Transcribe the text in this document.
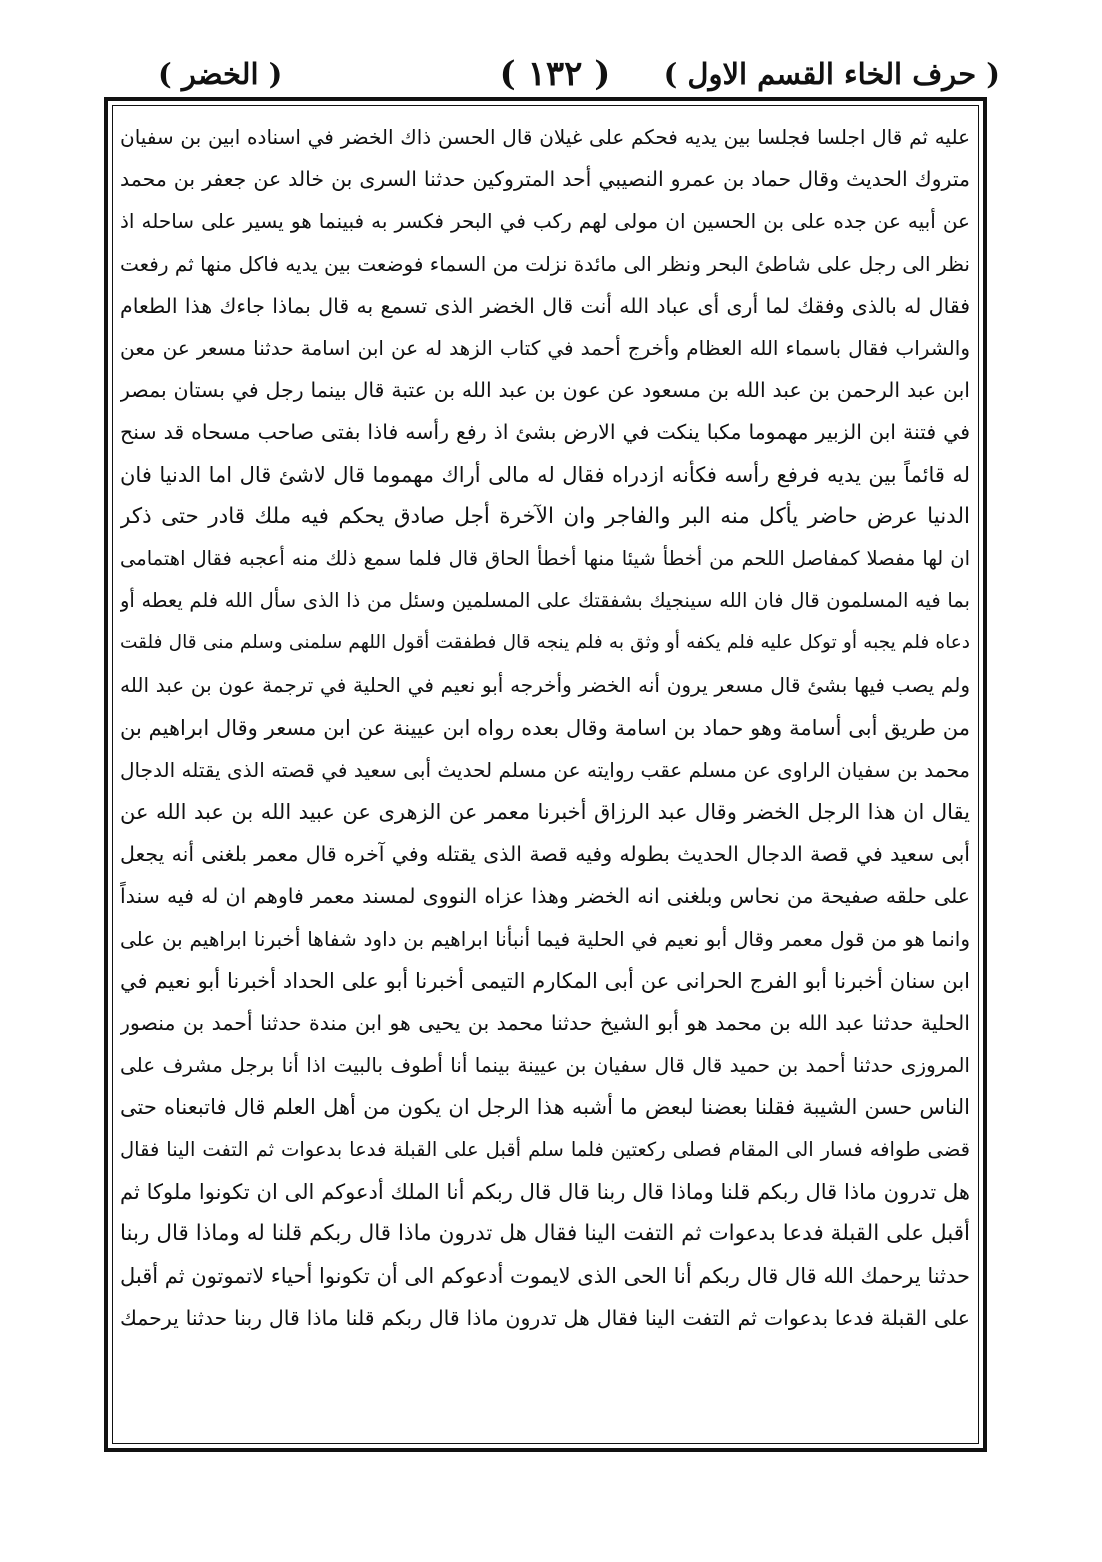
( حرف الخاء القسم الاول )
( ١٣٢ )
( الخضر )
عليه ثم قال اجلسا فجلسا بين يديه فحكم على غيلان قال الحسن ذاك الخضر في اسناده ابين بن سفيان
متروك الحديث وقال حماد بن عمرو النصيبي أحد المتروكين حدثنا السرى بن خالد عن جعفر بن محمد
عن أبيه عن جده على بن الحسين ان مولى لهم ركب في البحر فكسر به فبينما هو يسير على ساحله اذ
نظر الى رجل على شاطئ البحر ونظر الى مائدة نزلت من السماء فوضعت بين يديه فاكل منها ثم رفعت
فقال له بالذى وفقك لما أرى أى عباد الله أنت قال الخضر الذى تسمع به قال بماذا جاءك هذا الطعام
والشراب فقال باسماء الله العظام وأخرج أحمد في كتاب الزهد له عن ابن اسامة حدثنا مسعر عن معن
ابن عبد الرحمن بن عبد الله بن مسعود عن عون بن عبد الله بن عتبة قال بينما رجل في بستان بمصر
في فتنة ابن الزبير مهموما مكبا ينكت في الارض بشئ اذ رفع رأسه فاذا بفتى صاحب مسحاه قد سنح
له قائماً بين يديه فرفع رأسه فكأنه ازدراه فقال له مالى أراك مهموما قال لاشئ قال اما الدنيا فان
الدنيا عرض حاضر يأكل منه البر والفاجر وان الآخرة أجل صادق يحكم فيه ملك قادر حتى ذكر
ان لها مفصلا كمفاصل اللحم من أخطأ شيئا منها أخطأ الحاق قال فلما سمع ذلك منه أعجبه فقال اهتمامى
بما فيه المسلمون قال فان الله سينجيك بشفقتك على المسلمين وسئل من ذا الذى سأل الله فلم يعطه أو
دعاه فلم يجبه أو توكل عليه فلم يكفه أو وثق به فلم ينجه قال فطفقت أقول اللهم سلمنى وسلم منى قال فلقت
ولم يصب فيها بشئ قال مسعر يرون أنه الخضر وأخرجه أبو نعيم في الحلية في ترجمة عون بن عبد الله
من طريق أبى أسامة وهو حماد بن اسامة وقال بعده رواه ابن عيينة عن ابن مسعر وقال ابراهيم بن
محمد بن سفيان الراوى عن مسلم عقب روايته عن مسلم لحديث أبى سعيد في قصته الذى يقتله الدجال
يقال ان هذا الرجل الخضر وقال عبد الرزاق أخبرنا معمر عن الزهرى عن عبيد الله بن عبد الله عن
أبى سعيد في قصة الدجال الحديث بطوله وفيه قصة الذى يقتله وفي آخره قال معمر بلغنى أنه يجعل
على حلقه صفيحة من نحاس وبلغنى انه الخضر وهذا عزاه النووى لمسند معمر فاوهم ان له فيه سنداً
وانما هو من قول معمر وقال أبو نعيم في الحلية فيما أنبأنا ابراهيم بن داود شفاها أخبرنا ابراهيم بن على
ابن سنان أخبرنا أبو الفرج الحرانى عن أبى المكارم التيمى أخبرنا أبو على الحداد أخبرنا أبو نعيم في
الحلية حدثنا عبد الله بن محمد هو أبو الشيخ حدثنا محمد بن يحيى هو ابن مندة حدثنا أحمد بن منصور
المروزى حدثنا أحمد بن حميد قال قال سفيان بن عيينة بينما أنا أطوف بالبيت اذا أنا برجل مشرف على
الناس حسن الشيبة فقلنا بعضنا لبعض ما أشبه هذا الرجل ان يكون من أهل العلم قال فاتبعناه حتى
قضى طوافه فسار الى المقام فصلى ركعتين فلما سلم أقبل على القبلة فدعا بدعوات ثم التفت الينا فقال
هل تدرون ماذا قال ربكم قلنا وماذا قال ربنا قال قال ربكم أنا الملك أدعوكم الى ان تكونوا ملوكا ثم
أقبل على القبلة فدعا بدعوات ثم التفت الينا فقال هل تدرون ماذا قال ربكم قلنا له وماذا قال ربنا
حدثنا يرحمك الله قال قال ربكم أنا الحى الذى لايموت أدعوكم الى أن تكونوا أحياء لاتموتون ثم أقبل
على القبلة فدعا بدعوات ثم التفت الينا فقال هل تدرون ماذا قال ربكم قلنا ماذا قال ربنا حدثنا يرحمك
